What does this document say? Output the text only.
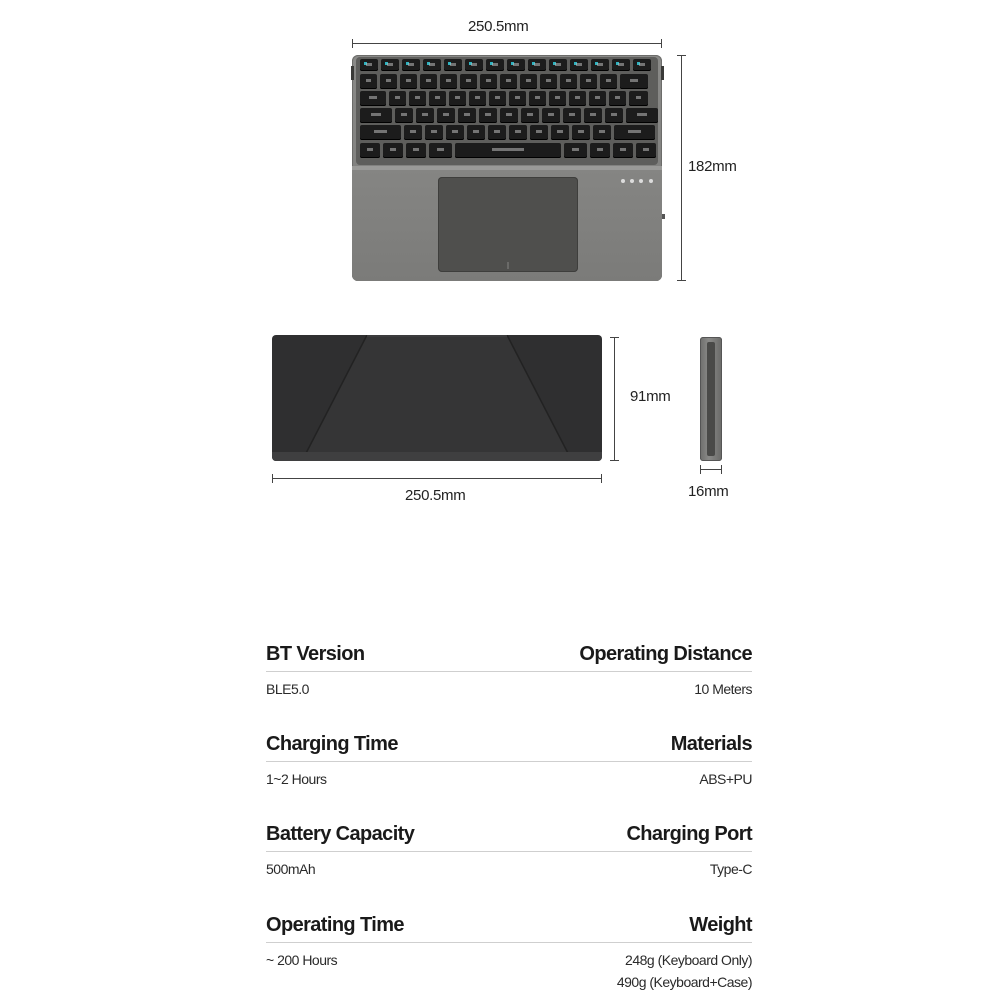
250.5mm
182mm
91mm
250.5mm	16mm
BT Version	Operating Distance
BLE5.0	10 Meters
Charging Time	Materials
1~2 Hours	ABS+PU
Battery Capacity	Charging Port
500mAh	Type-C
Operating Time	Weight
~ 200 Hours	248g (Keyboard Only)
490g (Keyboard+Case)
